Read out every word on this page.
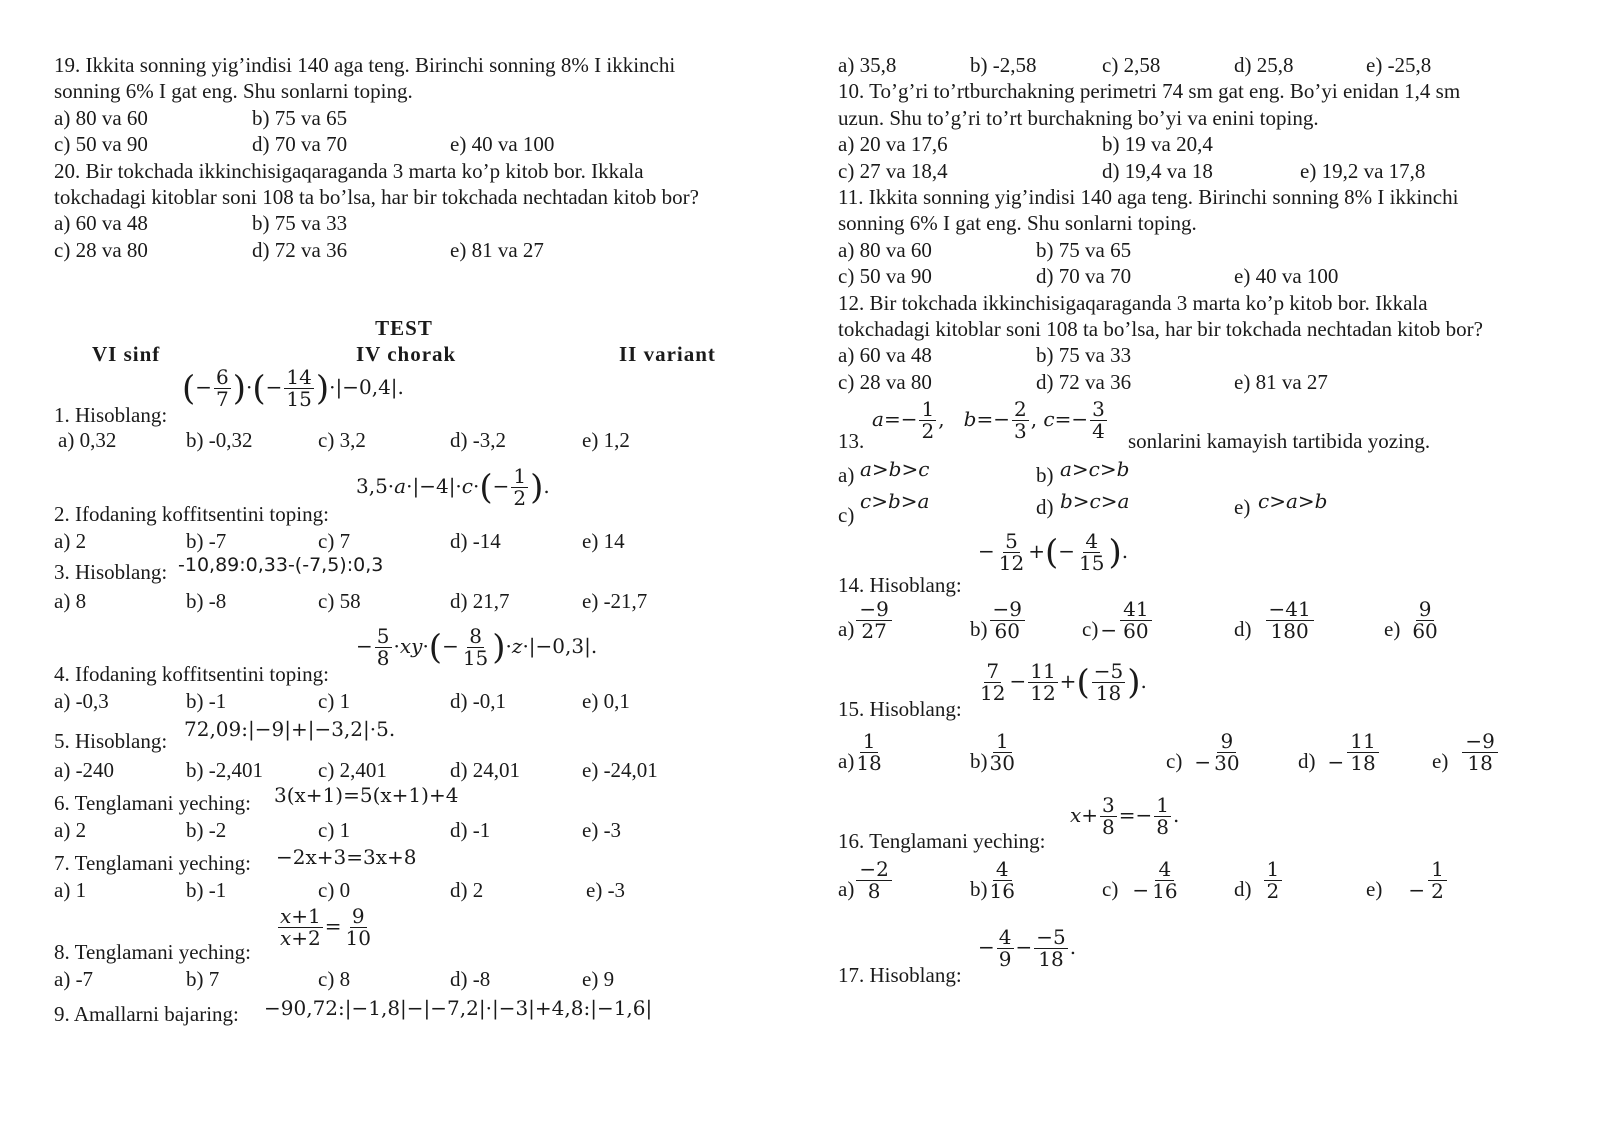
19. Ikkita sonning yig’indisi 140 aga teng. Birinchi sonning 8% I ikkinchi
sonning 6% I gat eng. Shu sonlarni toping.
a) 80 va 60	b) 75 va 65
c) 50 va 90	d) 70 va 70	e) 40 va 100
20. Bir tokchada ikkinchisigaqaraganda 3 marta ko’p kitob bor. Ikkala
tokchadagi kitoblar soni 108 ta bo’lsa, har bir tokchada nechtadan kitob bor?
a) 60 va 48	b) 75 va 33
c) 28 va 80	d) 72 va 36	e) 81 va 27
TEST
VI sinf	IV chorak	II variant
(− $\frac{6}{7}$ )·(− $\frac{14}{15} )\cdot|-0,4|$.
1. Hisoblang:
a) 0,32	b) -0,32	c) 3,2	d) -3,2	e) 1,2
$3,5\cdot a\cdot|-4|\cdot c\cdot(- \frac{1}{2}$ ).
2. Ifodaning koffitsentini toping:
a) 2	b) -7	c) 7	d) -14	e) 14
3. Hisoblang: -10,89:0,33-(-7,5):0,3
a) 8	b) -8	c) 58	d) 21,7	e) -21,7
− $\frac{5}{8} \cdot xy\cdot(- \frac{8}{15} )\cdot z\cdot|-0,3|$.
4. Ifodaning koffitsentini toping:
a) -0,3	b) -1	c) 1	d) -0,1	e) 0,1
5. Hisoblang: 72,09:|−9|+|−3,2|·5.
a) -240	b) -2,401	c) 2,401	d) 24,01	e) -24,01
6. Tenglamani yeching: 3(x+1)=5(x+1)+4
a) 2	b) -2	c) 1	d) -1	e) -3
7. Tenglamani yeching: −2x+3=3x+8
a) 1	b) -1	c) 0	d) 2	e) -3
$\frac{x+1}{x+2} = \frac{9}{10}$
8. Tenglamani yeching:
a) -7	b) 7	c) 8	d) -8	e) 9
9. Amallarni bajaring: −90,72:|−1,8|−|−7,2|·|−3|+4,8:|−1,6|
a) 35,8	b) -2,58	c) 2,58	d) 25,8	e) -25,8
10. To’g’ri to’rtburchakning perimetri 74 sm gat eng. Bo’yi enidan 1,4 sm
uzun. Shu to’g’ri to’rt burchakning bo’yi va enini toping.
a) 20 va 17,6	b) 19 va 20,4
c) 27 va 18,4	d) 19,4 va 18	e) 19,2 va 17,8
11. Ikkita sonning yig’indisi 140 aga teng. Birinchi sonning 8% I ikkinchi
sonning 6% I gat eng. Shu sonlarni toping.
a) 80 va 60	b) 75 va 65
c) 50 va 90	d) 70 va 70	e) 40 va 100
12. Bir tokchada ikkinchisigaqaraganda 3 marta ko’p kitob bor. Ikkala
tokchadagi kitoblar soni 108 ta bo’lsa, har bir tokchada nechtadan kitob bor?
a) 60 va 48	b) 75 va 33
c) 28 va 80	d) 72 va 36	e) 81 va 27
13.
$a=- \frac{1}{2}$ ,   $b=- \frac{2}{3}$ , $c=- \frac{3}{4}$ sonlarini kamayish tartibida yozing.
a) a>b>c	b) a>c>b
c)
c>b>a	d) b>c>a	e) c>a>b
− $\frac{5}{12}$ +(− $\frac{4}{15}$ ).
14. Hisoblang:
a)
−9
27	b)
−9
60	$c) - \frac{41}{60}$	d)
−41
180	e)
9
60
$\frac{7}{12} - \frac{11}{12}$ +( $\frac{-5}{18}$ ).
15. Hisoblang:
a)
1
18	b)
1
30	$c) - \frac{9}{30}$	$d) - \frac{11}{18}$	e)
−9
18
$x+ \frac{3}{8} =- \frac{1}{8}$ .
16. Tenglamani yeching:
a)
−2
8	b)
4
16	$c) - \frac{4}{16}$	d)
1
2	$e) - \frac{1}{2}$
− $\frac{4}{9} - \frac{-5}{18}$ .
17. Hisoblang:
